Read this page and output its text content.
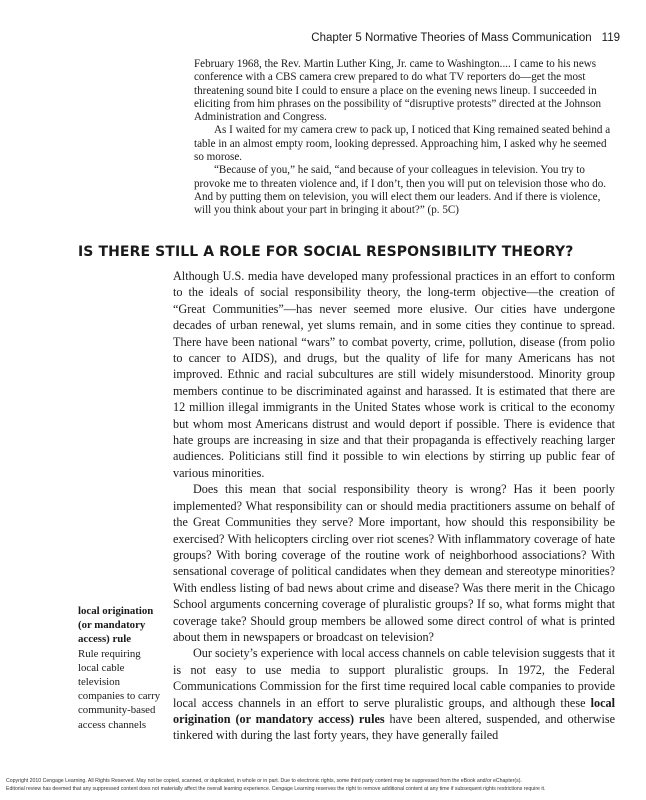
Chapter 5 Normative Theories of Mass Communication 119

February 1968, the Rev. Martin Luther King, Jr. came to Washington.... I came to his news conference with a CBS camera crew prepared to do what TV reporters do—get the most threatening sound bite I could to ensure a place on the evening news lineup. I succeeded in eliciting from him phrases on the possibility of “disruptive protests” directed at the Johnson Administration and Congress.

As I waited for my camera crew to pack up, I noticed that King remained seated behind a table in an almost empty room, looking depressed. Approaching him, I asked why he seemed so morose.

“Because of you,” he said, “and because of your colleagues in television. You try to provoke me to threaten violence and, if I don’t, then you will put on television those who do. And by putting them on television, you will elect them our leaders. And if there is violence, will you think about your part in bringing it about?” (p. 5C)

IS THERE STILL A ROLE FOR SOCIAL RESPONSIBILITY THEORY?

Although U.S. media have developed many professional practices in an effort to conform to the ideals of social responsibility theory, the long-term objective—the creation of “Great Communities”—has never seemed more elusive. Our cities have undergone decades of urban renewal, yet slums remain, and in some cities they continue to spread. There have been national “wars” to combat poverty, crime, pollution, disease (from polio to cancer to AIDS), and drugs, but the quality of life for many Americans has not improved. Ethnic and racial subcultures are still widely misunderstood. Minority group members continue to be discriminated against and harassed. It is estimated that there are 12 million illegal immigrants in the United States whose work is critical to the economy but whom most Americans distrust and would deport if possible. There is evidence that hate groups are increasing in size and that their propaganda is effectively reaching larger audiences. Politicians still find it possible to win elections by stirring up public fear of various minorities.

Does this mean that social responsibility theory is wrong? Has it been poorly implemented? What responsibility can or should media practitioners assume on behalf of the Great Communities they serve? More important, how should this responsibility be exercised? With helicopters circling over riot scenes? With inflammatory coverage of hate groups? With boring coverage of the routine work of neighborhood associations? With sensational coverage of political candidates when they demean and stereotype minorities? With endless listing of bad news about crime and disease? Was there merit in the Chicago School arguments concerning coverage of pluralistic groups? If so, what forms might that coverage take? Should group members be allowed some direct control of what is printed about them in newspapers or broadcast on television?

Our society’s experience with local access channels on cable television suggests that it is not easy to use media to support pluralistic groups. In 1972, the Federal Communications Commission for the first time required local cable companies to provide local access channels in an effort to serve pluralistic groups, and although these local origination (or mandatory access) rules have been altered, suspended, and otherwise tinkered with during the last forty years, they have generally failed

local origination (or mandatory access) rule
Rule requiring local cable television companies to carry community-based access channels
Copyright 2010 Cengage Learning. All Rights Reserved. May not be copied, scanned, or duplicated, in whole or in part. Due to electronic rights, some third party content may be suppressed from the eBook and/or eChapter(s).
Editorial review has deemed that any suppressed content does not materially affect the overall learning experience. Cengage Learning reserves the right to remove additional content at any time if subsequent rights restrictions require it.
